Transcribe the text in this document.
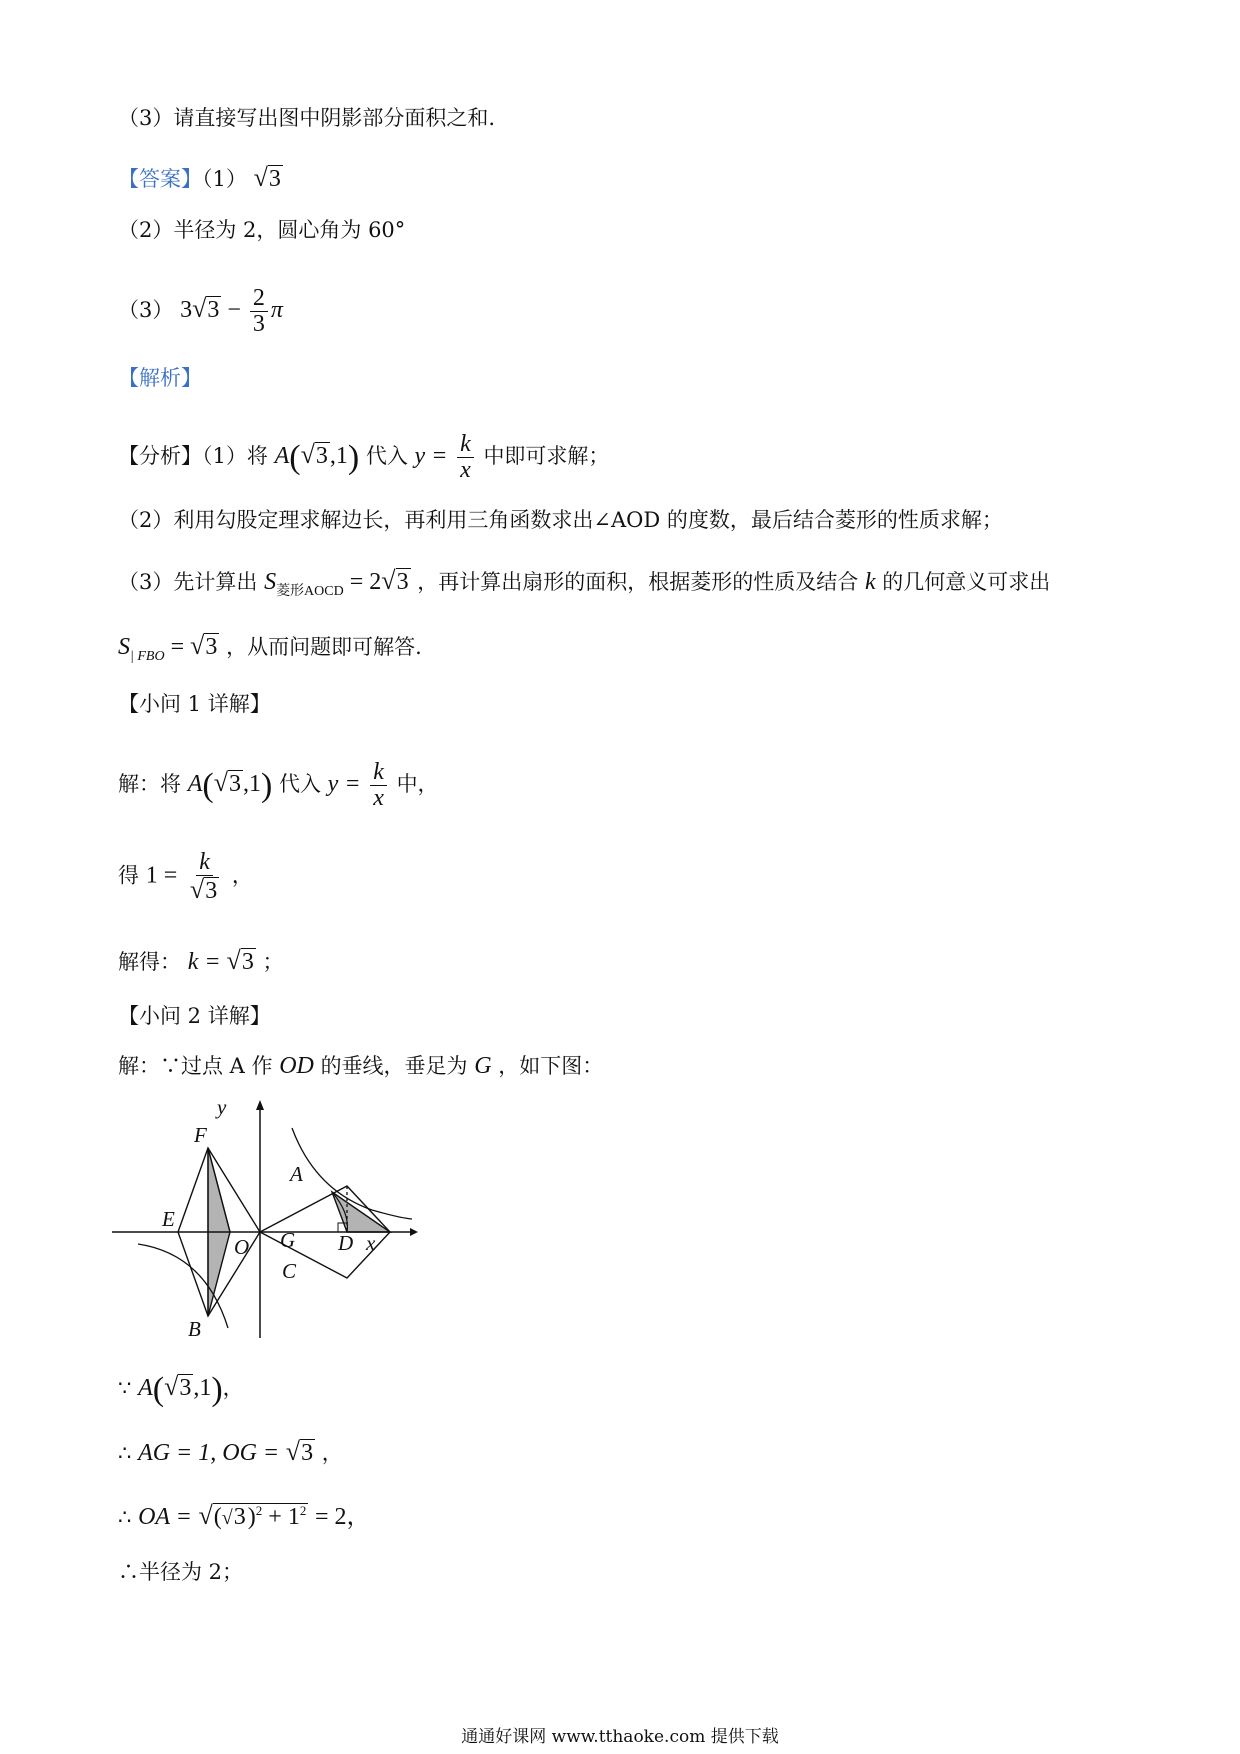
（3）请直接写出图中阴影部分面积之和.
【答案】（1） √3
（2）半径为 2，圆心角为 60°
（3） $3√3 - \frac{2}{3}$ π
【解析】
【分析】（1）将 A(√3,1) 代入 $y = \frac{k}{x}$ 中即可求解；
（2）利用勾股定理求解边长，再利用三角函数求出∠AOD 的度数，最后结合菱形的性质求解；
（3）先计算出 $S_{菱形AOCD} = 2√3$ ，再计算出扇形的面积，根据菱形的性质及结合 k 的几何意义可求出
$S_{| FBO} = √3$ ，从而问题即可解答.
【小问 1 详解】
解：将 A(√3,1) 代入 $y = \frac{k}{x}$ 中，
得 $1 = \frac{k}{√3}$ ，
解得： k = √3 ；
【小问 2 详解】
解：∵过点 A 作 OD 的垂线，垂足为 G ，如下图：
y
F
E
O
B
A
G
C
D x
∵ A(√3,1)，
∴ AG = 1, OG = √3 ，
∴ OA = $√(√3)^2 + 1^2 = 2$，
∴半径为 2；
通通好课网 www.tthaoke.com 提供下载
